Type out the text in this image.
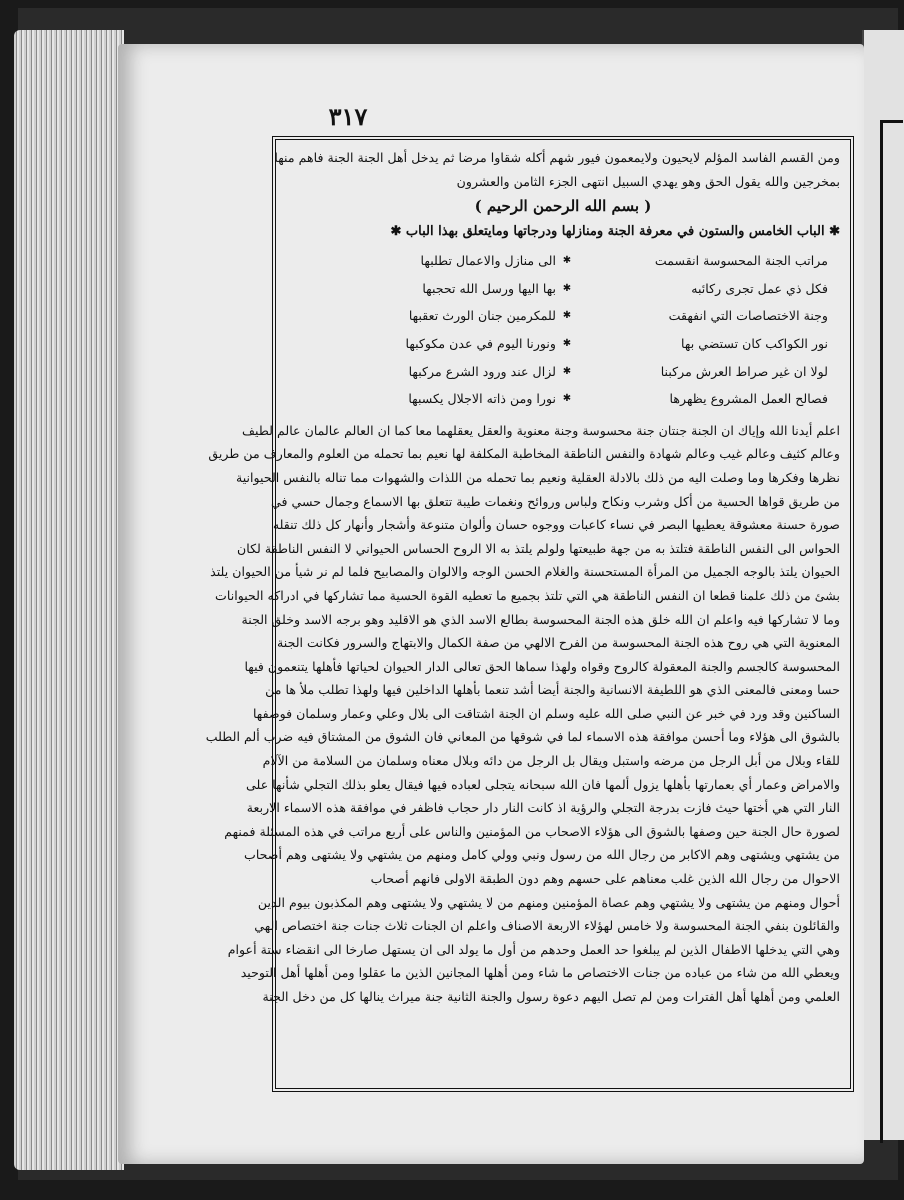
٣١٧
ومن القسم الفاسد المؤلم لايحيون ولايمعمون فيور شهم أكله شقاوا مرضا ثم يدخل أهل الجنة الجنة فاهم منها
بمخرجين والله يقول الحق وهو يهدي السبيل انتهى الجزء الثامن والعشرون
( بسم الله الرحمن الرحيم )
✱ الباب الخامس والستون في معرفة الجنة ومنازلها ودرجاتها ومايتعلق بهذا الباب ✱
مراتب الجنة المحسوسة انقسمت
✱
الى منازل والاعمال تطلبها
فكل ذي عمل تجرى ركائبه
✱
بها اليها ورسل الله تحجبها
وجنة الاختصاصات التي انفهقت
✱
للمكرمين جنان الورث تعقبها
نور الكواكب كان تستضي بها
✱
ونورنا اليوم في عدن مكوكبها
لولا ان غير صراط العرش مركبنا
✱
لزال عند ورود الشرع مركبها
فصالح العمل المشروع يظهرها
✱
نورا ومن ذاته الاجلال يكسبها
اعلم أيدنا الله وإياك ان الجنة جنتان جنة محسوسة وجنة معنوية والعقل يعقلهما معا كما ان العالم عالمان عالم لطيف
وعالم كثيف وعالم غيب وعالم شهادة والنفس الناطقة المخاطبة المكلفة لها نعيم بما تحمله من العلوم والمعارف من طريق
نظرها وفكرها وما وصلت اليه من ذلك بالادلة العقلية ونعيم بما تحمله من اللذات والشهوات مما تناله بالنفس الحيوانية
من طريق قواها الحسية من أكل وشرب ونكاح ولباس وروائح ونغمات طيبة تتعلق بها الاسماع وجمال حسي في
صورة حسنة معشوقة يعطيها البصر في نساء كاعبات ووجوه حسان وألوان متنوعة وأشجار وأنهار كل ذلك تنقله
الحواس الى النفس الناطقة فتلتذ به من جهة طبيعتها ولولم يلتذ به الا الروح الحساس الحيواني لا النفس الناطقة لكان
الحيوان يلتذ بالوجه الجميل من المرأة المستحسنة والغلام الحسن الوجه والالوان والمصابيح فلما لم نر شيأ من الحيوان يلتذ
بشئ من ذلك علمنا قطعا ان النفس الناطقة هي التي تلتذ بجميع ما تعطيه القوة الحسية مما تشاركها في ادراكه الحيوانات
وما لا تشاركها فيه واعلم ان الله خلق هذه الجنة المحسوسة بطالع الاسد الذي هو الاقليد وهو برجه الاسد وخلق الجنة
المعنوية التي هي روح هذه الجنة المحسوسة من الفرح الالهي من صفة الكمال والابتهاج والسرور فكانت الجنة
المحسوسة كالجسم والجنة المعقولة كالروح وقواه ولهذا سماها الحق تعالى الدار الحيوان لحياتها فأهلها يتنعمون فيها
حسا ومعنى فالمعنى الذي هو اللطيفة الانسانية والجنة أيضا أشد تنعما بأهلها الداخلين فيها ولهذا تطلب ملأ ها من
الساكنين وقد ورد في خبر عن النبي صلى الله عليه وسلم ان الجنة اشتاقت الى بلال وعلي وعمار وسلمان فوصفها
بالشوق الى هؤلاء وما أحسن موافقة هذه الاسماء لما في شوقها من المعاني فان الشوق من المشتاق فيه ضرب ألم الطلب
للقاء وبلال من أبل الرجل من مرضه واستبل ويقال بل الرجل من دائه وبلال معناه وسلمان من السلامة من الآلام
والامراض وعمار أي بعمارتها بأهلها يزول ألمها فان الله سبحانه يتجلى لعباده فيها فيقال يعلو بذلك التجلي شأنها على
النار التي هي أختها حيث فازت بدرجة التجلي والرؤية اذ كانت النار دار حجاب فاظفر في موافقة هذه الاسماء الاربعة
لصورة حال الجنة حين وصفها بالشوق الى هؤلاء الاصحاب من المؤمنين والناس على أربع مراتب في هذه المسئلة فمنهم
من يشتهي ويشتهى وهم الاكابر من رجال الله من رسول ونبي وولي كامل ومنهم من يشتهي ولا يشتهى وهم أصحاب
الاحوال من رجال الله الذين غلب معناهم على حسهم وهم دون الطبقة الاولى فانهم أصحاب
أحوال ومنهم من يشتهى ولا يشتهي وهم عصاة المؤمنين ومنهم من لا يشتهي ولا يشتهى وهم المكذبون بيوم الدين
والقائلون بنفي الجنة المحسوسة ولا خامس لهؤلاء الاربعة الاصناف واعلم ان الجنات ثلاث جنات جنة اختصاص الهي
وهي التي يدخلها الاطفال الذين لم يبلغوا حد العمل وحدهم من أول ما يولد الى ان يستهل صارخا الى انقضاء ستة أعوام
ويعطي الله من شاء من عباده من جنات الاختصاص ما شاء ومن أهلها المجانين الذين ما عقلوا ومن أهلها أهل التوحيد
العلمي ومن أهلها أهل الفترات ومن لم تصل اليهم دعوة رسول والجنة الثانية جنة ميراث ينالها كل من دخل الجنة
